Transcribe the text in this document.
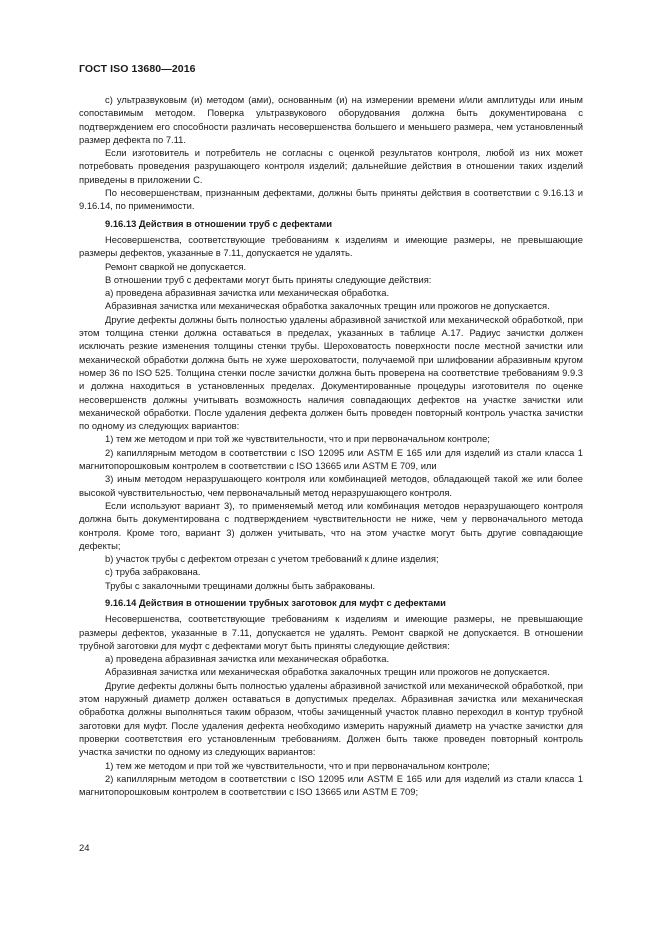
ГОСТ ISO 13680—2016

c) ультразвуковым (и) методом (ами), основанным (и) на измерении времени и/или амплитуды или иным сопоставимым методом. Поверка ультразвукового оборудования должна быть документирована с подтверждением его способности различать несовершенства большего и меньшего размера, чем установленный размер дефекта по 7.11.

Если изготовитель и потребитель не согласны с оценкой результатов контроля, любой из них может потребовать проведения разрушающего контроля изделий; дальнейшие действия в отношении таких изделий приведены в приложении С.

По несовершенствам, признанным дефектами, должны быть приняты действия в соответствии с 9.16.13 и 9.16.14, по применимости.

9.16.13 Действия в отношении труб с дефектами

Несовершенства, соответствующие требованиям к изделиям и имеющие размеры, не превышающие размеры дефектов, указанные в 7.11, допускается не удалять.

Ремонт сваркой не допускается.

В отношении труб с дефектами могут быть приняты следующие действия:

а) проведена абразивная зачистка или механическая обработка.

Абразивная зачистка или механическая обработка закалочных трещин или прожогов не допускается.

Другие дефекты должны быть полностью удалены абразивной зачисткой или механической обработкой, при этом толщина стенки должна оставаться в пределах, указанных в таблице А.17. Радиус зачистки должен исключать резкие изменения толщины стенки трубы. Шероховатость поверхности после местной зачистки или механической обработки должна быть не хуже шероховатости, получаемой при шлифовании абразивным кругом номер 36 по ISO 525. Толщина стенки после зачистки должна быть проверена на соответствие требованиям 9.9.3 и должна находиться в установленных пределах. Документированные процедуры изготовителя по оценке несовершенств должны учитывать возможность наличия совпадающих дефектов на участке зачистки или механической обработки. После удаления дефекта должен быть проведен повторный контроль участка зачистки по одному из следующих вариантов:

1) тем же методом и при той же чувствительности, что и при первоначальном контроле;

2) капиллярным методом в соответствии с ISO 12095 или ASTM E 165 или для изделий из стали класса 1 магнитопорошковым контролем в соответствии с ISO 13665 или ASTM E 709, или

3) иным методом неразрушающего контроля или комбинацией методов, обладающей такой же или более высокой чувствительностью, чем первоначальный метод неразрушающего контроля.

Если используют вариант 3), то применяемый метод или комбинация методов неразрушающего контроля должна быть документирована с подтверждением чувствительности не ниже, чем у первоначального метода контроля. Кроме того, вариант 3) должен учитывать, что на этом участке могут быть другие совпадающие дефекты;

b) участок трубы с дефектом отрезан с учетом требований к длине изделия;

c) труба забракована.

Трубы с закалочными трещинами должны быть забракованы.

9.16.14 Действия в отношении трубных заготовок для муфт с дефектами

Несовершенства, соответствующие требованиям к изделиям и имеющие размеры, не превышающие размеры дефектов, указанные в 7.11, допускается не удалять. Ремонт сваркой не допускается. В отношении трубной заготовки для муфт с дефектами могут быть приняты следующие действия:

а) проведена абразивная зачистка или механическая обработка.

Абразивная зачистка или механическая обработка закалочных трещин или прожогов не допускается.

Другие дефекты должны быть полностью удалены абразивной зачисткой или механической обработкой, при этом наружный диаметр должен оставаться в допустимых пределах. Абразивная зачистка или механическая обработка должны выполняться таким образом, чтобы зачищенный участок плавно переходил в контур трубной заготовки для муфт. После удаления дефекта необходимо измерить наружный диаметр на участке зачистки для проверки соответствия его установленным требованиям. Должен быть также проведен повторный контроль участка зачистки по одному из следующих вариантов:

1) тем же методом и при той же чувствительности, что и при первоначальном контроле;

2) капиллярным методом в соответствии с ISO 12095 или ASTM E 165 или для изделий из стали класса 1 магнитопорошковым контролем в соответствии с ISO 13665 или ASTM E 709;

24
